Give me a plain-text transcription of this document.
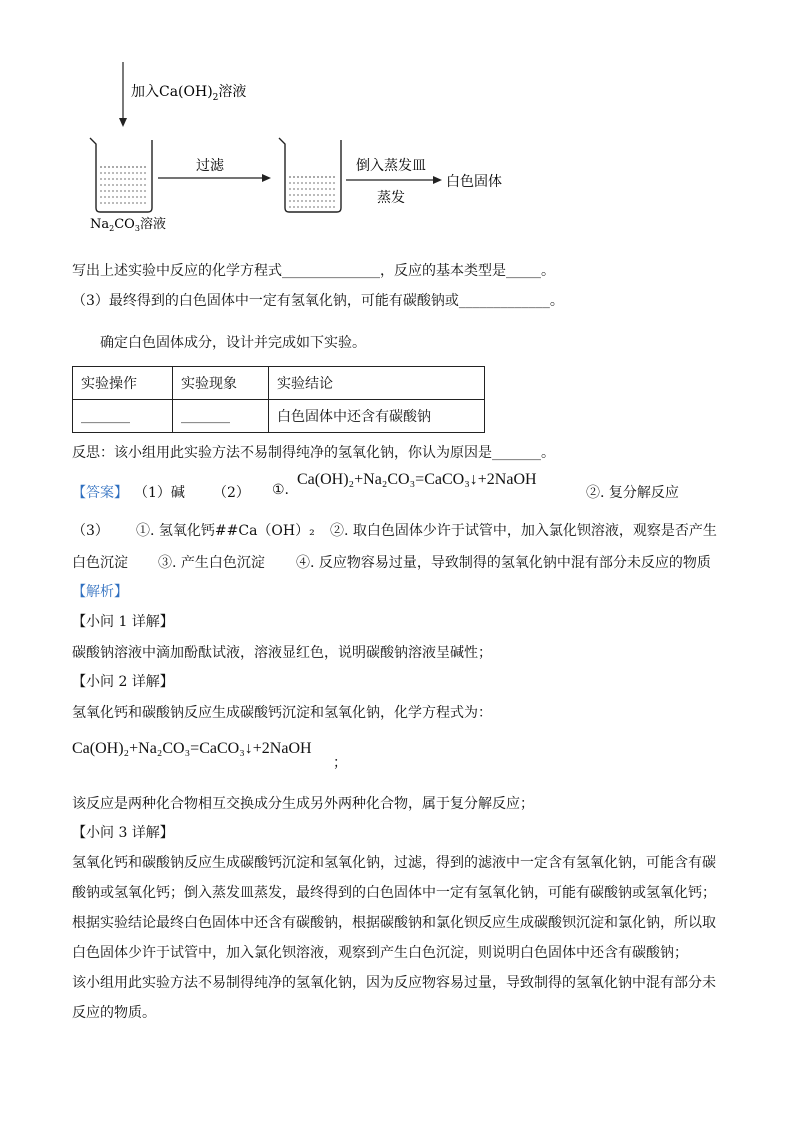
加入$Ca(OH)_2$溶液
$Na_2CO_3$溶液
过滤	倒入蒸发皿
蒸发
白色固体
写出上述实验中反应的化学方程式______________，反应的基本类型是_____。
（3）最终得到的白色固体中一定有氢氧化钠，可能有碳酸钠或_____________。
确定白色固体成分，设计并完成如下实验。
实验操作	实验现象	实验结论
_______	_______	白色固体中还含有碳酸钠
反思：该小组用此实验方法不易制得纯净的氢氧化钠，你认为原因是_______。
【答案】 （1）碱 （2） ①.
Ca(OH)₂+Na₂CO₃=CaCO₃↓+2NaOH
②. 复分解反应
（3） ①. 氢氧化钙##Ca（OH）₂ ②. 取白色固体少许于试管中，加入氯化钡溶液，观察是否产生
白色沉淀 ③. 产生白色沉淀 ④. 反应物容易过量，导致制得的氢氧化钠中混有部分未反应的物质
【解析】
【小问 1 详解】
碳酸钠溶液中滴加酚酞试液，溶液显红色，说明碳酸钠溶液呈碱性；
【小问 2 详解】
氢氧化钙和碳酸钠反应生成碳酸钙沉淀和氢氧化钠，化学方程式为：
Ca(OH)₂+Na₂CO₃=CaCO₃↓+2NaOH
；
该反应是两种化合物相互交换成分生成另外两种化合物，属于复分解反应；
【小问 3 详解】
氢氧化钙和碳酸钠反应生成碳酸钙沉淀和氢氧化钠，过滤，得到的滤液中一定含有氢氧化钠，可能含有碳
酸钠或氢氧化钙；倒入蒸发皿蒸发，最终得到的白色固体中一定有氢氧化钠，可能有碳酸钠或氢氧化钙；
根据实验结论最终白色固体中还含有碳酸钠，根据碳酸钠和氯化钡反应生成碳酸钡沉淀和氯化钠，所以取
白色固体少许于试管中，加入氯化钡溶液，观察到产生白色沉淀，则说明白色固体中还含有碳酸钠；
该小组用此实验方法不易制得纯净的氢氧化钠，因为反应物容易过量，导致制得的氢氧化钠中混有部分未
反应的物质。
